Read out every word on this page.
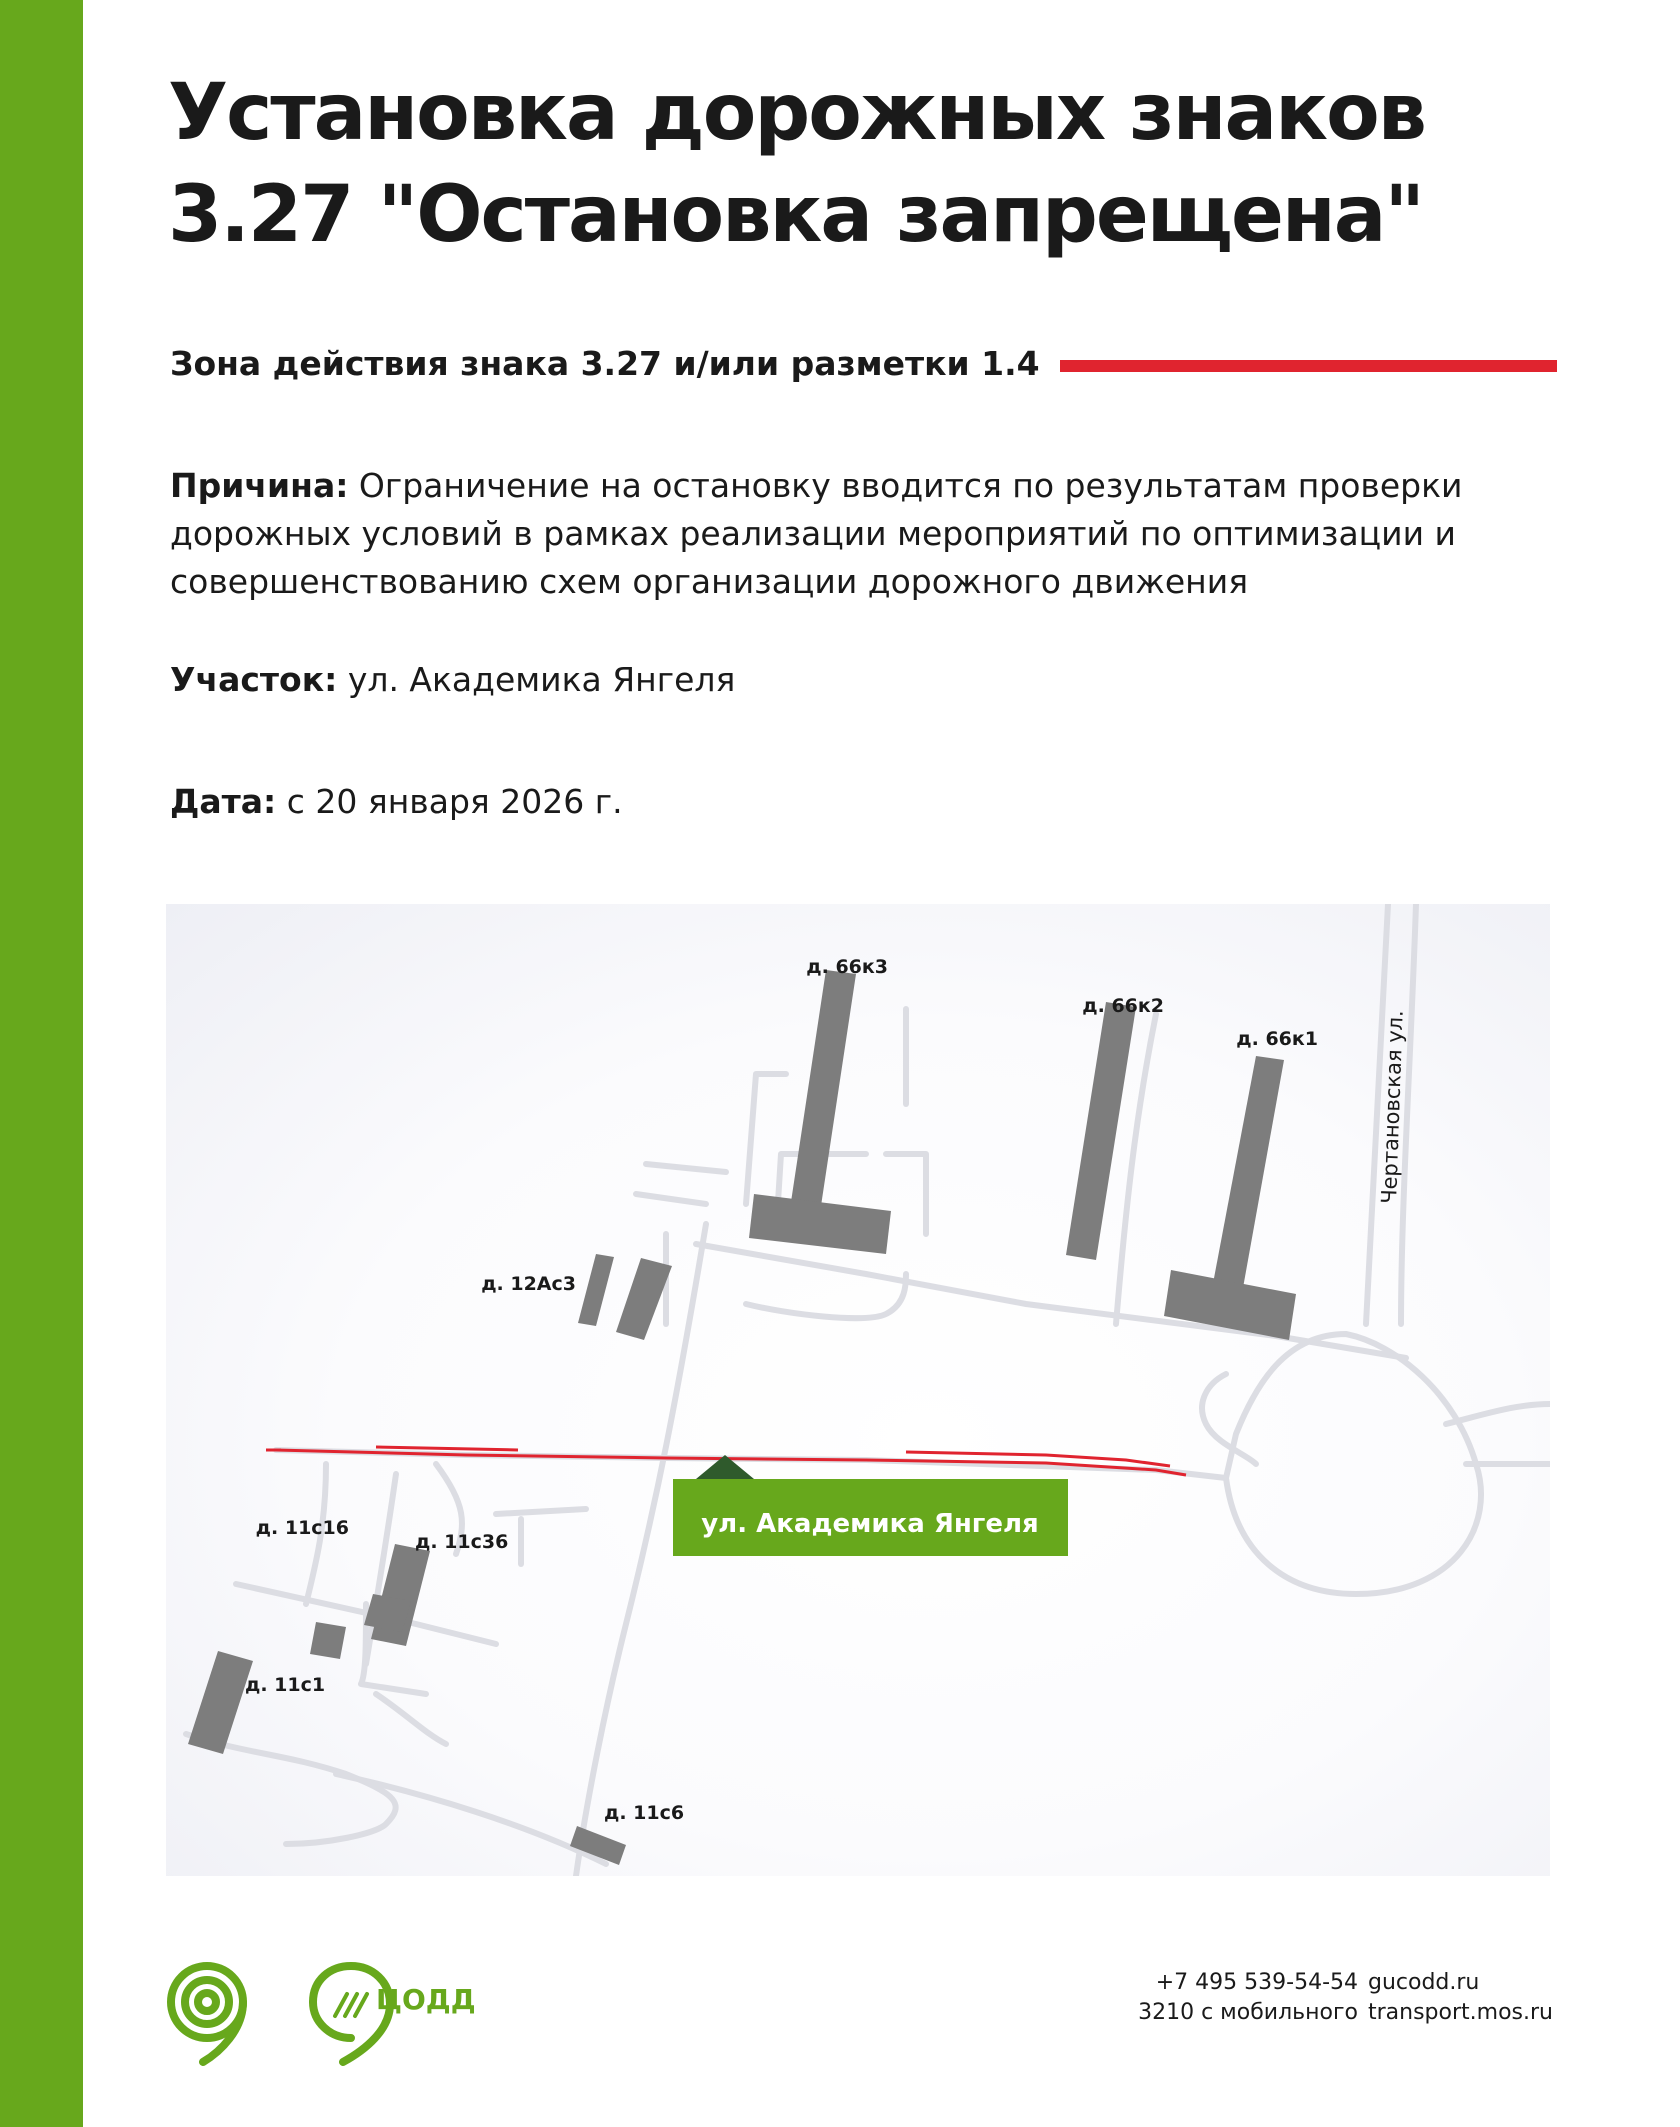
Установка дорожных знаков
3.27 "Остановка запрещена"
Зона действия знака 3.27 и/или разметки 1.4

Причина: Ограничение на остановку вводится по результатам проверки дорожных условий в рамках реализации мероприятий по оптимизации и совершенствованию схем организации дорожного движения

Участок: ул. Академика Янгеля

Дата: с 20 января 2026 г.

д. 66к3
д. 66к2
д. 66к1
д. 12Ас3
д. 11с16
д. 11с36
д. 11с1
д. 11с6
Чертановская ул.
ул. Академика Янгеля
ЦОДД
+7 495 539-54-54
3210 с мобильного
gucodd.ru
transport.mos.ru
